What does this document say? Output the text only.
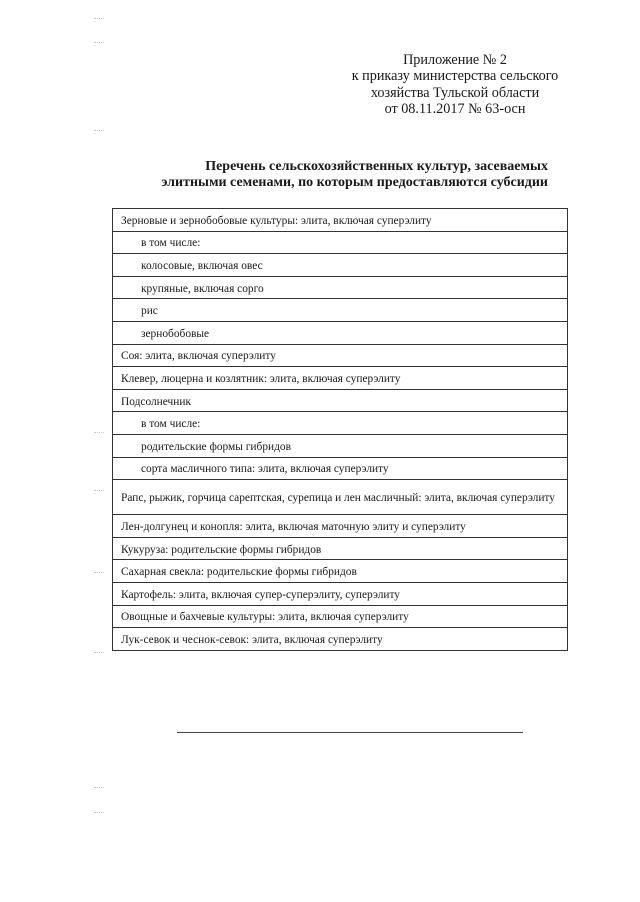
Приложение № 2
к приказу министерства сельского
хозяйства Тульской области
от 08.11.2017 № 63-осн
Перечень сельскохозяйственных культур, засеваемых
элитными семенами, по которым предоставляются субсидии
Зерновые и зернобобовые культуры: элита, включая суперэлиту
в том числе:
колосовые, включая овес
крупяные, включая сорго
рис
зернобобовые
Соя: элита, включая суперэлиту
Клевер, люцерна и козлятник: элита, включая суперэлиту
Подсолнечник
в том числе:
родительские формы гибридов
сорта масличного типа: элита, включая суперэлиту
Рапс, рыжик, горчица сарептская, сурепица и лен масличный: элита, включая суперэлиту
Лен-долгунец и конопля: элита, включая маточную элиту и суперэлиту
Кукуруза: родительские формы гибридов
Сахарная свекла: родительские формы гибридов
Картофель: элита, включая супер-суперэлиту, суперэлиту
Овощные и бахчевые культуры: элита, включая суперэлиту
Лук-севок и чеснок-севок: элита, включая суперэлиту
